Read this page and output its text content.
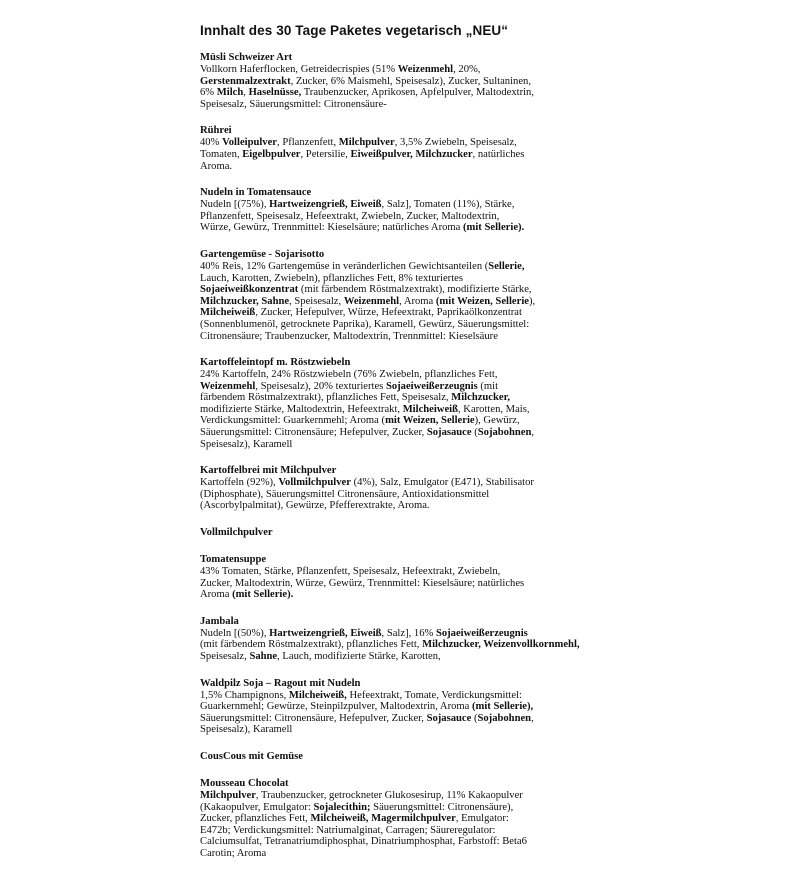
Innhalt des 30 Tage Paketes vegetarisch „NEU“
Müsli Schweizer Art
Vollkorn Haferflocken, Getreidecrispies (51% Weizenmehl, 20%,
Gerstenmalzextrakt, Zucker, 6% Maismehl, Speisesalz), Zucker, Sultaninen,
6% Milch, Haselnüsse, Traubenzucker, Aprikosen, Apfelpulver, Maltodextrin,
Speisesalz, Säuerungsmittel: Citronensäure-
Rührei
40% Volleipulver, Pflanzenfett, Milchpulver, 3,5% Zwiebeln, Speisesalz,
Tomaten, Eigelbpulver, Petersilie, Eiweißpulver, Milchzucker, natürliches
Aroma.
Nudeln in Tomatensauce
Nudeln [(75%), Hartweizengrieß, Eiweiß, Salz], Tomaten (11%), Stärke,
Pflanzenfett, Speisesalz, Hefeextrakt, Zwiebeln, Zucker, Maltodextrin,
Würze, Gewürz, Trennmittel: Kieselsäure; natürliches Aroma (mit Sellerie).
Gartengemüse - Sojarisotto
40% Reis, 12% Gartengemüse in veränderlichen Gewichtsanteilen (Sellerie,
Lauch, Karotten, Zwiebeln), pflanzliches Fett, 8% texturiertes
Sojaeiweißkonzentrat (mit färbendem Röstmalzextrakt), modifizierte Stärke,
Milchzucker, Sahne, Speisesalz, Weizenmehl, Aroma (mit Weizen, Sellerie),
Milcheiweiß, Zucker, Hefepulver, Würze, Hefeextrakt, Paprikaölkonzentrat
(Sonnenblumenöl, getrocknete Paprika), Karamell, Gewürz, Säuerungsmittel:
Citronensäure; Traubenzucker, Maltodextrin, Trennmittel: Kieselsäure
Kartoffeleintopf m. Röstzwiebeln
24% Kartoffeln, 24% Röstzwiebeln (76% Zwiebeln, pflanzliches Fett,
Weizenmehl, Speisesalz), 20% texturiertes Sojaeiweißerzeugnis (mit
färbendem Röstmalzextrakt), pflanzliches Fett, Speisesalz, Milchzucker,
modifizierte Stärke, Maltodextrin, Hefeextrakt, Milcheiweiß, Karotten, Mais,
Verdickungsmittel: Guarkernmehl; Aroma (mit Weizen, Sellerie), Gewürz,
Säuerungsmittel: Citronensäure; Hefepulver, Zucker, Sojasauce (Sojabohnen,
Speisesalz), Karamell
Kartoffelbrei mit Milchpulver
Kartoffeln (92%), Vollmilchpulver (4%), Salz, Emulgator (E471), Stabilisator
(Diphosphate), Säuerungsmittel Citronensäure, Antioxidationsmittel
(Ascorbylpalmitat), Gewürze, Pfefferextrakte, Aroma.
Vollmilchpulver
Tomatensuppe
43% Tomaten, Stärke, Pflanzenfett, Speisesalz, Hefeextrakt, Zwiebeln,
Zucker, Maltodextrin, Würze, Gewürz, Trennmittel: Kieselsäure; natürliches
Aroma (mit Sellerie).
Jambala
Nudeln [(50%), Hartweizengrieß, Eiweiß, Salz], 16% Sojaeiweißerzeugnis
(mit färbendem Röstmalzextrakt), pflanzliches Fett, Milchzucker, Weizenvollkornmehl,
Speisesalz, Sahne, Lauch, modifizierte Stärke, Karotten,
Waldpilz Soja – Ragout mit Nudeln
1,5% Champignons, Milcheiweiß, Hefeextrakt, Tomate, Verdickungsmittel:
Guarkernmehl; Gewürze, Steinpilzpulver, Maltodextrin, Aroma (mit Sellerie),
Säuerungsmittel: Citronensäure, Hefepulver, Zucker, Sojasauce (Sojabohnen,
Speisesalz), Karamell
CousCous mit Gemüse
Mousseau Chocolat
Milchpulver, Traubenzucker, getrockneter Glukosesirup, 11% Kakaopulver
(Kakaopulver, Emulgator: Sojalecithin; Säuerungsmittel: Citronensäure),
Zucker, pflanzliches Fett, Milcheiweiß, Magermilchpulver, Emulgator:
E472b; Verdickungsmittel: Natriumalginat, Carragen; Säureregulator:
Calciumsulfat, Tetranatriumdiphosphat, Dinatriumphosphat, Farbstoff: Beta6
Carotin; Aroma
